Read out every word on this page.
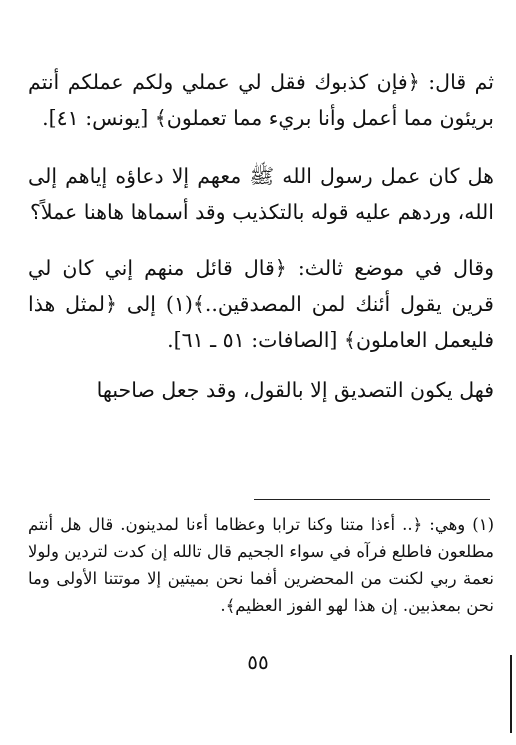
ثم قال: ﴿فإن كذبوك فقل لي عملي ولكم عملكم أنتم بريئون مما أعمل وأنا بريء مما تعملون﴾ [يونس: ٤١].

هل كان عمل رسول الله ﷺ معهم إلا دعاؤه إياهم إلى الله، وردهم عليه قوله بالتكذيب وقد أسماها هاهنا عملاً؟

وقال في موضع ثالث: ﴿قال قائل منهم إني كان لي قرين يقول أئنك لمن المصدقين..﴾(١) إلى ﴿لمثل هذا فليعمل العاملون﴾ [الصافات: ٥١ ـ ٦١].

فهل يكون التصديق إلا بالقول، وقد جعل صاحبها

(١) وهي: ﴿.. أءذا متنا وكنا ترابا وعظاما أءنا لمدينون. قال هل أنتم مطلعون فاطلع فرآه في سواء الجحيم قال تالله إن كدت لتردين ولولا نعمة ربي لكنت من المحضرين أفما نحن بميتين إلا موتتنا الأولى وما نحن بمعذبين. إن هذا لهو الفوز العظيم﴾.

٥٥
